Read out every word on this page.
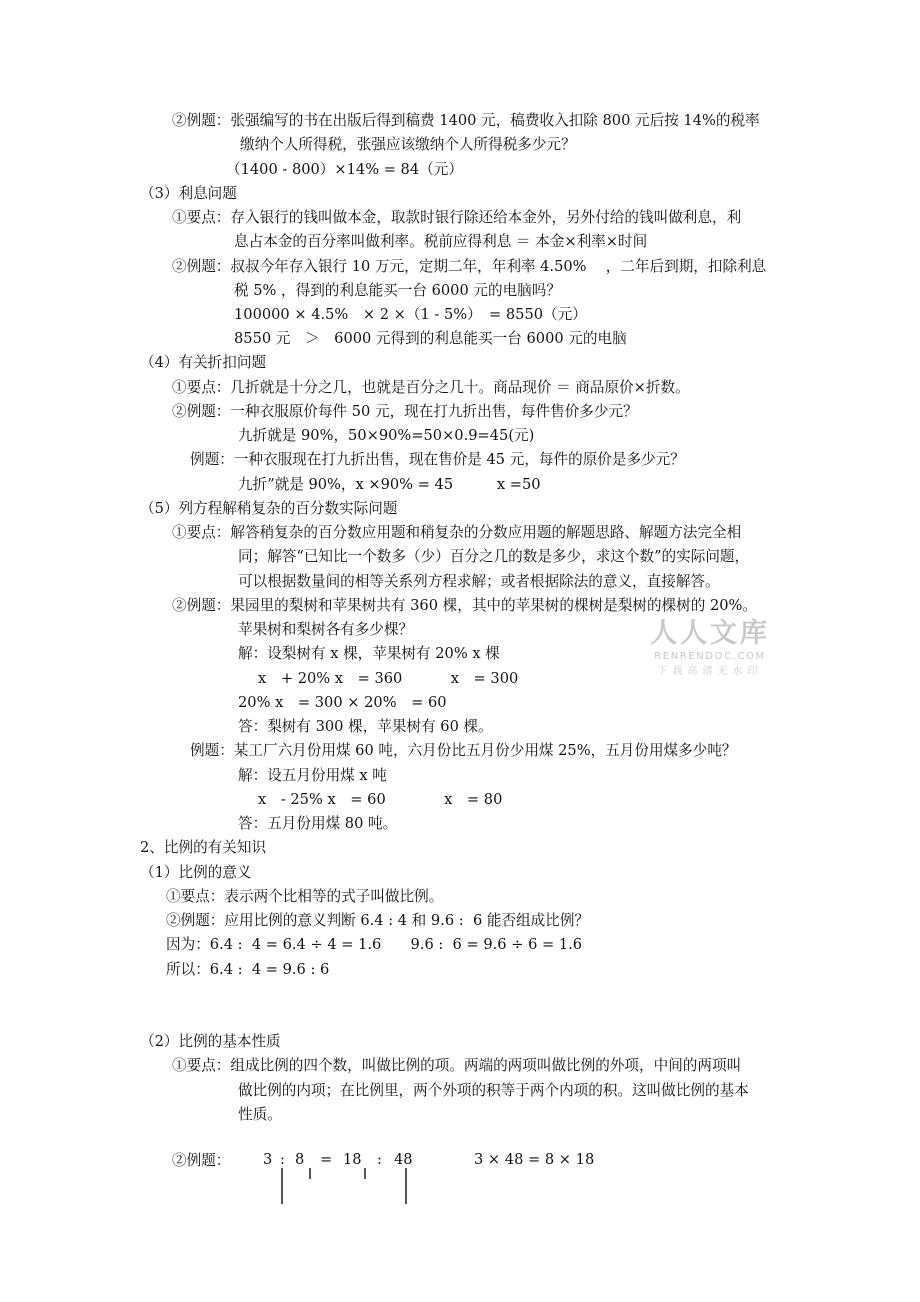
②例题：张强编写的书在出版后得到稿费 1400 元，稿费收入扣除 800 元后按 14%的税率
缴纳个人所得税，张强应该缴纳个人所得税多少元？
（1400 - 800）×14% = 84（元）
（3）利息问题
①要点：存入银行的钱叫做本金，取款时银行除还给本金外，另外付给的钱叫做利息，利
息占本金的百分率叫做利率。税前应得利息 ＝ 本金×利率×时间
②例题：叔叔今年存入银行 10 万元，定期二年，年利率 4.50%　 ，二年后到期，扣除利息
税 5% ，得到的利息能买一台 6000 元的电脑吗？
100000 × 4.5%　× 2 ×（1 - 5%）　= 8550（元）
8550 元　＞　6000 元得到的利息能买一台 6000 元的电脑
（4）有关折扣问题
①要点：几折就是十分之几，也就是百分之几十。商品现价 ＝ 商品原价×折数。
②例题：一种衣服原价每件 50 元，现在打九折出售，每件售价多少元？
九折就是 90%，50×90%=50×0.9=45(元)
例题：一种衣服现在打九折出售，现在售价是 45 元，每件的原价是多少元？
九折”就是 90%，x ×90% = 45　　　x =50
（5）列方程解稍复杂的百分数实际问题
①要点：解答稍复杂的百分数应用题和稍复杂的分数应用题的解题思路、解题方法完全相
同；解答“已知比一个数多（少）百分之几的数是多少，求这个数”的实际问题，
可以根据数量间的相等关系列方程求解；或者根据除法的意义，直接解答。
②例题：果园里的梨树和苹果树共有 360 棵，其中的苹果树的棵树是梨树的棵树的 20%。
苹果树和梨树各有多少棵？
解：设梨树有 x 棵，苹果树有 20% x 棵
x　+ 20% x　= 360　　　 x　= 300
20% x　= 300 × 20%　= 60
答：梨树有 300 棵，苹果树有 60 棵。
例题：某工厂六月份用煤 60 吨，六月份比五月份少用煤 25%，五月份用煤多少吨？
解：设五月份用煤 x 吨
x　- 25% x　= 60　　　　x　= 80
答：五月份用煤 80 吨。
2、比例的有关知识
（1）比例的意义
①要点：表示两个比相等的式子叫做比例。
②例题：应用比例的意义判断 6.4 : 4 和 9.6 :  6 能否组成比例？
因为：6.4 :  4 = 6.4 ÷ 4 = 1.6　　9.6 :  6 = 9.6 ÷ 6 = 1.6
所以：6.4 :  4 = 9.6 : 6
（2）比例的基本性质
①要点：组成比例的四个数，叫做比例的项。两端的两项叫做比例的外项，中间的两项叫
做比例的内项；在比例里，两个外项的积等于两个内项的积。这叫做比例的基本
性质。
②例题： 3 : 8 = 18 : 48	3 × 48 = 8 × 18
人人文库
RENRENDOC.COM
下载高清无水印
